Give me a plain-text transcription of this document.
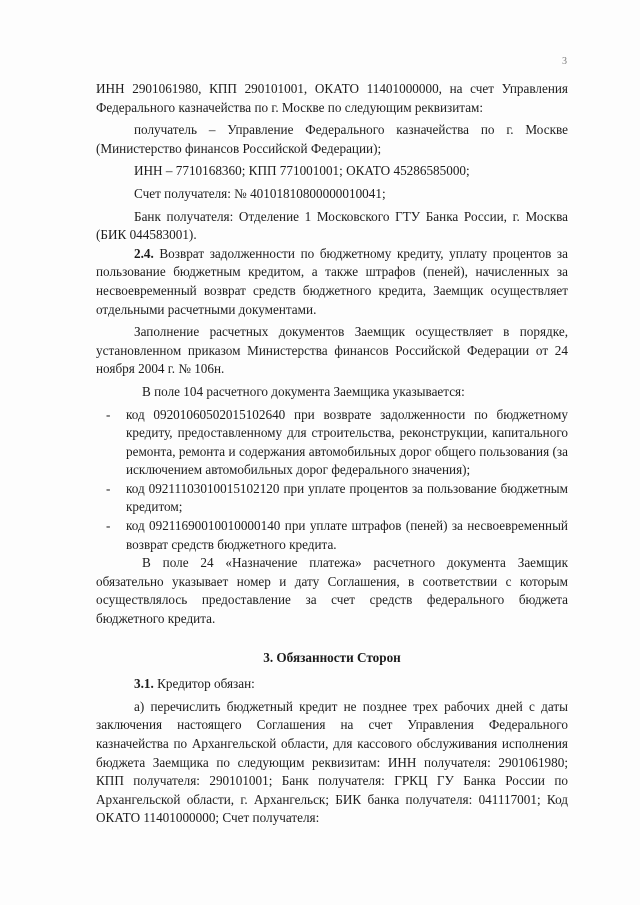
3

ИНН 2901061980, КПП 290101001, ОКАТО 11401000000, на счет Управления Федерального казначейства по г. Москве по следующим реквизитам:

получатель – Управление Федерального казначейства по г. Москве (Министерство финансов Российской Федерации);

ИНН – 7710168360; КПП 771001001; ОКАТО 45286585000;

Счет получателя: № 40101810800000010041;

Банк получателя: Отделение 1 Московского ГТУ Банка России, г. Москва (БИК 044583001).

2.4. Возврат задолженности по бюджетному кредиту, уплату процентов за пользование бюджетным кредитом, а также штрафов (пеней), начисленных за несвоевременный возврат средств бюджетного кредита, Заемщик осуществляет отдельными расчетными документами.

Заполнение расчетных документов Заемщик осуществляет в порядке, установленном приказом Министерства финансов Российской Федерации от 24 ноября 2004 г. № 106н.

В поле 104 расчетного документа Заемщика указывается:

- код 09201060502015102640 при возврате задолженности по бюджетному кредиту, предоставленному для строительства, реконструкции, капитального ремонта, ремонта и содержания автомобильных дорог общего пользования (за исключением автомобильных дорог федерального значения);

- код 09211103010015102120 при уплате процентов за пользование бюджетным кредитом;

- код 09211690010010000140 при уплате штрафов (пеней) за несвоевременный возврат средств бюджетного кредита.

В поле 24 «Назначение платежа» расчетного документа Заемщик обязательно указывает номер и дату Соглашения, в соответствии с которым осуществлялось предоставление за счет средств федерального бюджета бюджетного кредита.

3. Обязанности Сторон

3.1. Кредитор обязан:

а) перечислить бюджетный кредит не позднее трех рабочих дней с даты заключения настоящего Соглашения на счет Управления Федерального казначейства по Архангельской области, для кассового обслуживания исполнения бюджета Заемщика по следующим реквизитам: ИНН получателя: 2901061980; КПП получателя: 290101001; Банк получателя: ГРКЦ ГУ Банка России по Архангельской области, г. Архангельск; БИК банка получателя: 041117001; Код ОКАТО 11401000000; Счет получателя:
